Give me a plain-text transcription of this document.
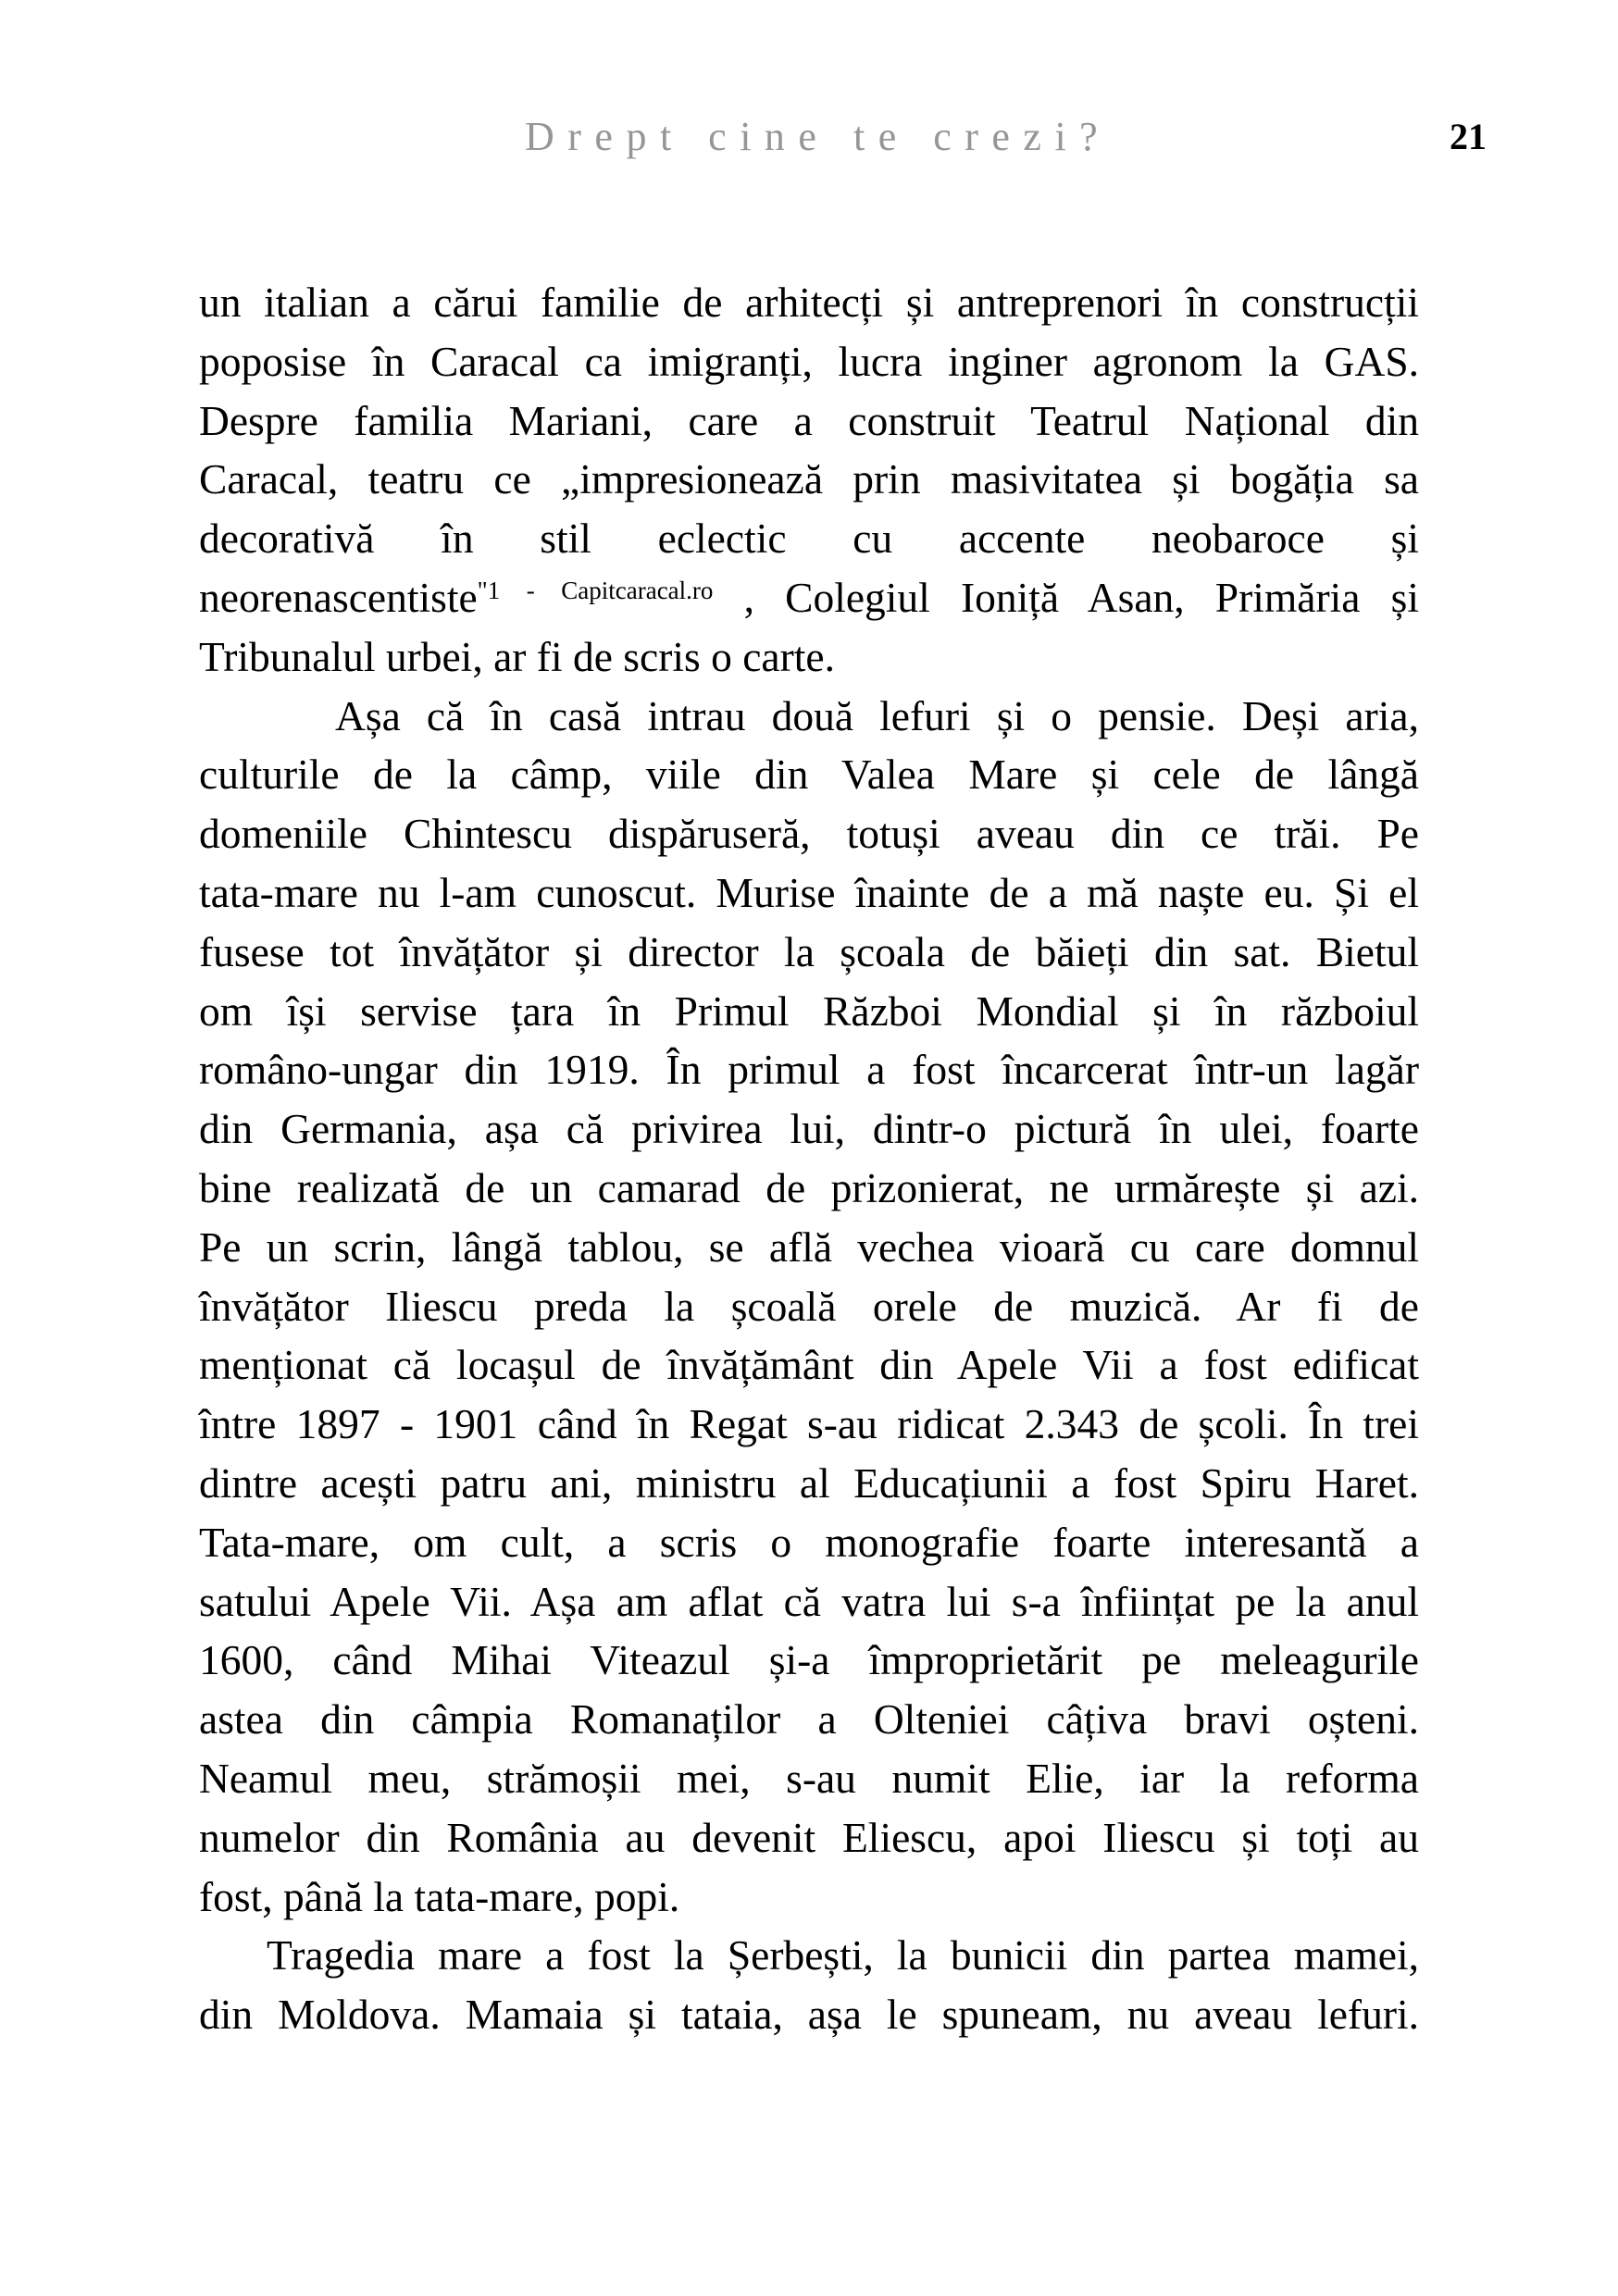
Drept cine te crezi?	21
un italian a cărui familie de arhitecți și antreprenori în construcții
poposise în Caracal ca imigranți, lucra inginer agronom la GAS.
Despre familia Mariani, care a construit Teatrul Național din
Caracal, teatru ce „impresionează prin masivitatea și bogăția sa
decorativă în stil eclectic cu accente neobaroce și
neorenascentiste$^{"1 - Capitcaracal.ro}$ , Colegiul Ioniță Asan, Primăria și
Tribunalul urbei, ar fi de scris o carte.
Așa că în casă intrau două lefuri și o pensie. Deși aria,
culturile de la câmp, viile din Valea Mare și cele de lângă
domeniile Chintescu dispăruseră, totuși aveau din ce trăi. Pe
tata-mare nu l-am cunoscut. Murise înainte de a mă naște eu. Și el
fusese tot învățător și director la școala de băieți din sat. Bietul
om își servise țara în Primul Război Mondial și în războiul
româno-ungar din 1919. În primul a fost încarcerat într-un lagăr
din Germania, așa că privirea lui, dintr-o pictură în ulei, foarte
bine realizată de un camarad de prizonierat, ne urmărește și azi.
Pe un scrin, lângă tablou, se află vechea vioară cu care domnul
învățător Iliescu preda la școală orele de muzică. Ar fi de
menționat că locașul de învățământ din Apele Vii a fost edificat
între 1897 - 1901 când în Regat s-au ridicat 2.343 de școli. În trei
dintre acești patru ani, ministru al Educațiunii a fost Spiru Haret.
Tata-mare, om cult, a scris o monografie foarte interesantă a
satului Apele Vii. Așa am aflat că vatra lui s-a înființat pe la anul
1600, când Mihai Viteazul și-a împroprietărit pe meleagurile
astea din câmpia Romanaților a Olteniei câțiva bravi oșteni.
Neamul meu, strămoșii mei, s-au numit Elie, iar la reforma
numelor din România au devenit Eliescu, apoi Iliescu și toți au
fost, până la tata-mare, popi.
Tragedia mare a fost la Șerbești, la bunicii din partea mamei,
din Moldova. Mamaia și tataia, așa le spuneam, nu aveau lefuri.
